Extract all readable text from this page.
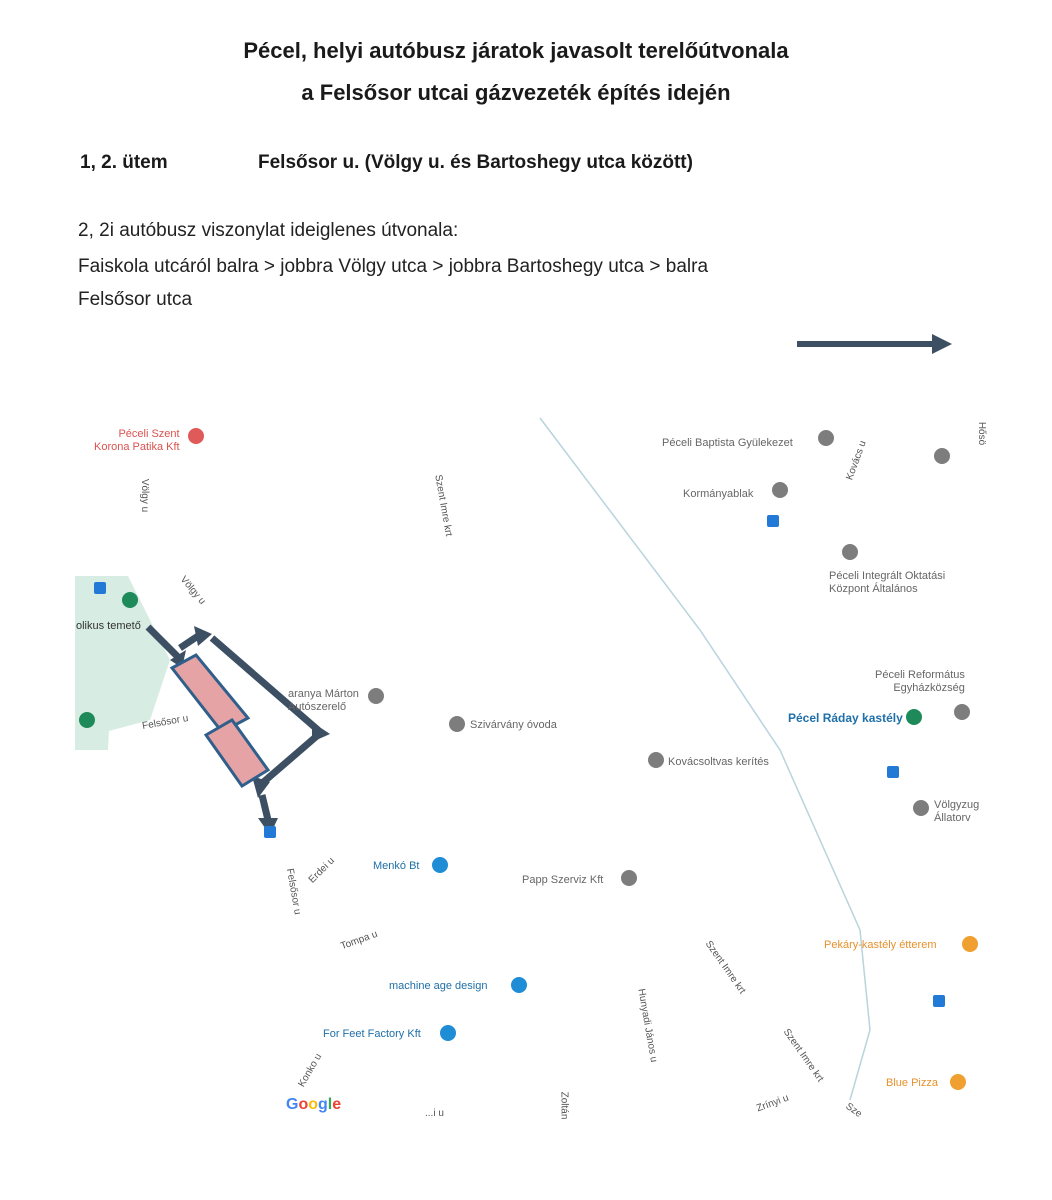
Pécel, helyi autóbusz járatok javasolt terelőútvonala
a Felsősor utcai gázvezeték építés idején
1, 2. ütem	Felsősor u. (Völgy u. és Bartoshegy utca között)
2, 2i autóbusz viszonylat ideiglenes útvonala:
Faiskola utcáról balra > jobbra Völgy utca > jobbra Bartoshegy utca > balra
Felsősor utca
Péceli Szent
Korona Patika Kft	Péceli Baptista Gyülekezet
Kormányablak
Péceli Integrált Oktatási
Központ Általános
olikus temető
Péceli Református
Egyházközség
Pécel Ráday kastély
aranya Márton
Autószerelő
Szivárvány óvoda
Kovácsoltvas kerítés
Völgyzug
Állatorv
Menkó Bt
Papp Szerviz Kft
Pekáry-kastély étterem
machine age design
For Feet Factory Kft
Blue Pizza
Völgy u
Völgy u
Szent Imre krt
Szent Imre krt
Szent Imre krt
Kovács u
Felsősor u
Felsősor u Erdei u
Tompa u
Hunyadi János u
Konko u
Zrínyi u
Hősö
Zoltán
...i u	Sze
Google
